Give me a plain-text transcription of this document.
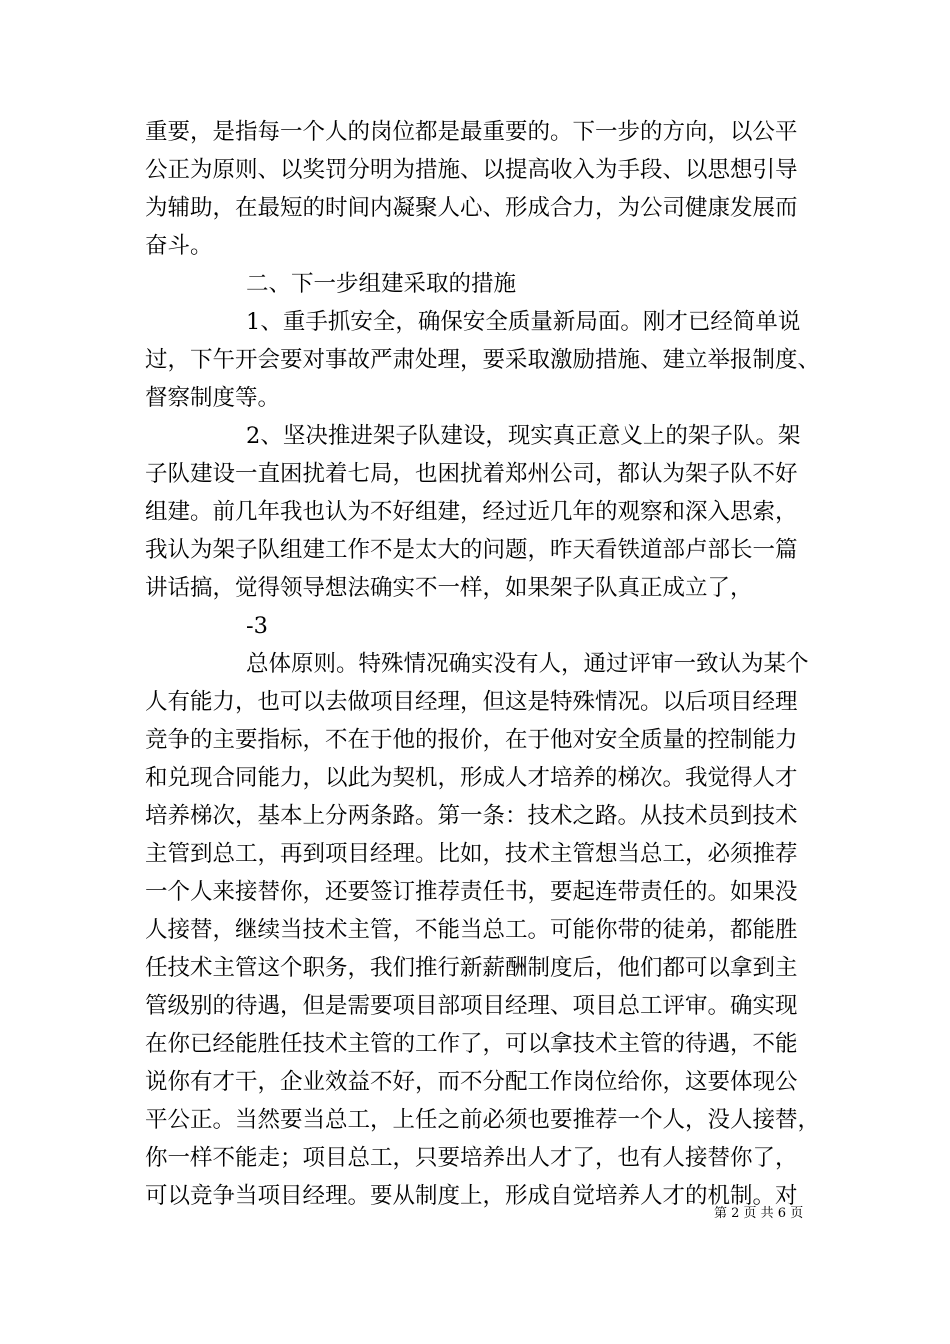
重要，是指每一个人的岗位都是最重要的。下一步的方向，以公平
公正为原则、以奖罚分明为措施、以提高收入为手段、以思想引导
为辅助，在最短的时间内凝聚人心、形成合力，为公司健康发展而
奋斗。
二、下一步组建采取的措施
1、重手抓安全，确保安全质量新局面。刚才已经简单说
过，下午开会要对事故严肃处理，要采取激励措施、建立举报制度、
督察制度等。
2、坚决推进架子队建设，现实真正意义上的架子队。架
子队建设一直困扰着七局，也困扰着郑州公司，都认为架子队不好
组建。前几年我也认为不好组建，经过近几年的观察和深入思索，
我认为架子队组建工作不是太大的问题，昨天看铁道部卢部长一篇
讲话搞，觉得领导想法确实不一样，如果架子队真正成立了，
-3
总体原则。特殊情况确实没有人，通过评审一致认为某个
人有能力，也可以去做项目经理，但这是特殊情况。以后项目经理
竞争的主要指标，不在于他的报价，在于他对安全质量的控制能力
和兑现合同能力，以此为契机，形成人才培养的梯次。我觉得人才
培养梯次，基本上分两条路。第一条：技术之路。从技术员到技术
主管到总工，再到项目经理。比如，技术主管想当总工，必须推荐
一个人来接替你，还要签订推荐责任书，要起连带责任的。如果没
人接替，继续当技术主管，不能当总工。可能你带的徒弟，都能胜
任技术主管这个职务，我们推行新薪酬制度后，他们都可以拿到主
管级别的待遇，但是需要项目部项目经理、项目总工评审。确实现
在你已经能胜任技术主管的工作了，可以拿技术主管的待遇，不能
说你有才干，企业效益不好，而不分配工作岗位给你，这要体现公
平公正。当然要当总工，上任之前必须也要推荐一个人，没人接替，
你一样不能走；项目总工，只要培养出人才了，也有人接替你了，
可以竞争当项目经理。要从制度上，形成自觉培养人才的机制。对
第 2 页 共 6 页
